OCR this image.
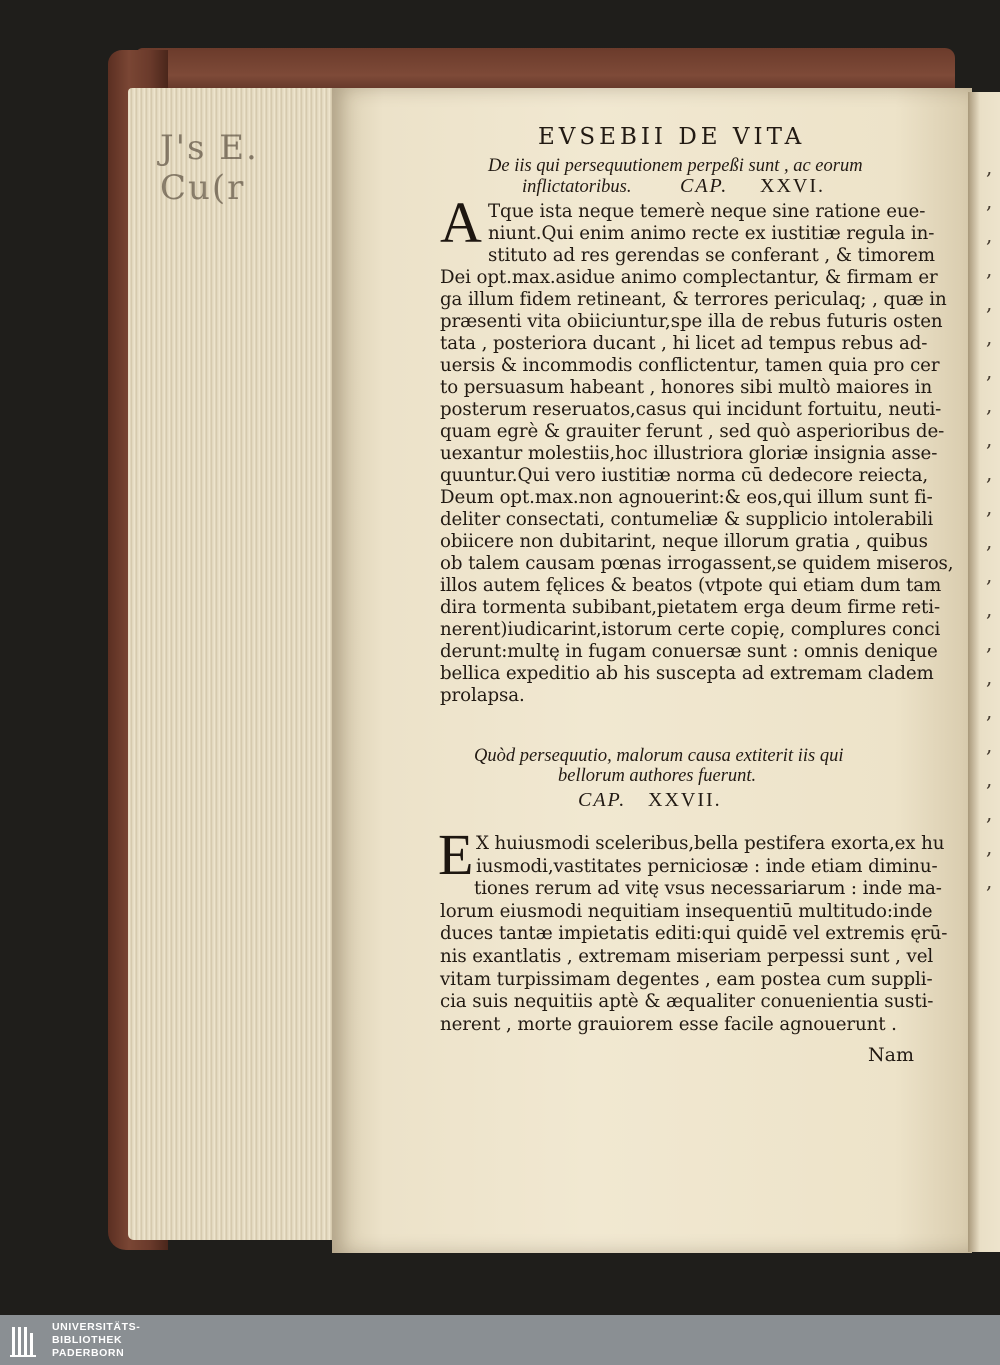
J's E. Cu(r
,
,
,
,
,
,
,
,
,
,
,
,
,
,
,
,
,
,
,
,
,
,
EVSEBII DE VITA
De iis qui persequutionem perpeßi sunt , ac eorum
inflictatoribus. CAP. XXVI.
A Tque ista neque temerè neque sine ratione eue-
niunt.Qui enim animo recte ex iustitiæ regula in-
stituto ad res gerendas se conferant , & timorem
Dei opt.max.asidue animo complectantur, & firmam er
ga illum fidem retineant, & terrores periculaq; , quæ in
præsenti vita obiiciuntur,spe illa de rebus futuris osten
tata , posteriora ducant , hi licet ad tempus rebus ad-
uersis & incommodis conflictentur, tamen quia pro cer
to persuasum habeant , honores sibi multò maiores in
posterum reseruatos,casus qui incidunt fortuitu, neuti-
quam egrè & grauiter ferunt , sed quò asperioribus de-
uexantur molestiis,hoc illustriora gloriæ insignia asse-
quuntur.Qui vero iustitiæ norma cū dedecore reiecta,
Deum opt.max.non agnouerint:& eos,qui illum sunt fi-
deliter consectati, contumeliæ & supplicio intolerabili
obiicere non dubitarint, neque illorum gratia , quibus
ob talem causam pœnas irrogassent,se quidem miseros,
illos autem fęlices & beatos (vtpote qui etiam dum tam
dira tormenta subibant,pietatem erga deum firme reti-
nerent)iudicarint,istorum certe copię, complures conci
derunt:multę in fugam conuersæ sunt : omnis denique
bellica expeditio ab his suscepta ad extremam cladem
prolapsa.
Quòd persequutio, malorum causa extiterit iis qui
bellorum authores fuerunt.
CAP. XXVII.
E X huiusmodi sceleribus,bella pestifera exorta,ex hu
iusmodi,vastitates perniciosæ : inde etiam diminu-
tiones rerum ad vitę vsus necessariarum : inde ma-
lorum eiusmodi nequitiam insequentiū multitudo:inde
duces tantæ impietatis editi:qui quidē vel extremis ęrū-
nis exantlatis , extremam miseriam perpessi sunt , vel
vitam turpissimam degentes , eam postea cum suppli-
cia suis nequitiis aptè & æqualiter conuenientia susti-
nerent , morte grauiorem esse facile agnouerunt .
Nam
UNIVERSITÄTS-
BIBLIOTHEK
PADERBORN
